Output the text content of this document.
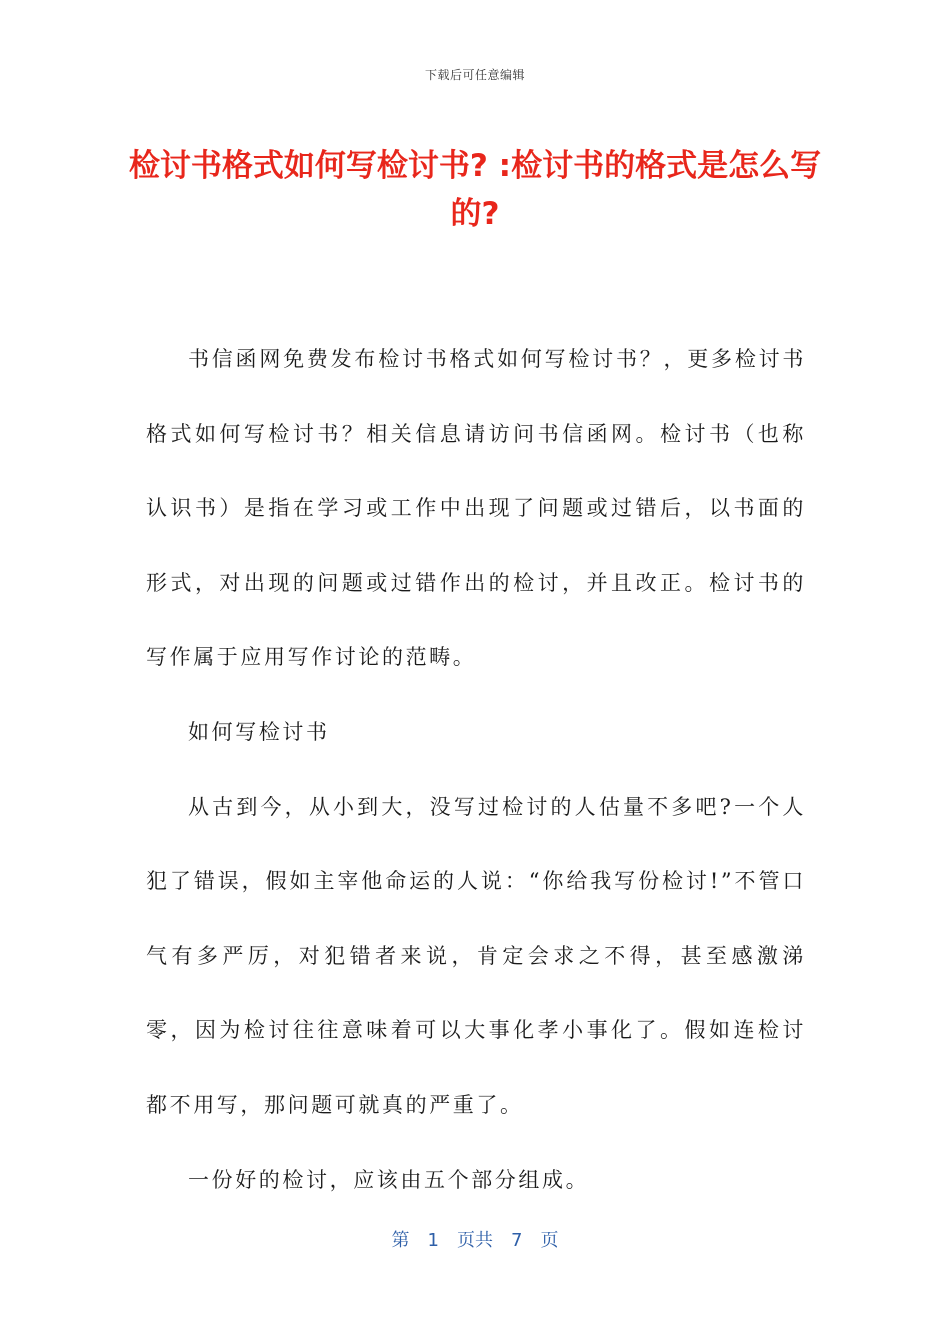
下载后可任意编辑
检讨书格式如何写检讨书? :检讨书的格式是怎么写的?

书信函网免费发布检讨书格式如何写检讨书？，更多检讨书格式如何写检讨书？相关信息请访问书信函网。检讨书（也称认识书）是指在学习或工作中出现了问题或过错后，以书面的形式，对出现的问题或过错作出的检讨，并且改正。检讨书的写作属于应用写作讨论的范畴。

如何写检讨书

从古到今，从小到大，没写过检讨的人估量不多吧?一个人犯了错误，假如主宰他命运的人说：“你给我写份检讨!”不管口气有多严厉，对犯错者来说，肯定会求之不得，甚至感激涕零，因为检讨往往意味着可以大事化孝小事化了。假如连检讨都不用写，那问题可就真的严重了。

一份好的检讨，应该由五个部分组成。

第 1 页共 7 页
